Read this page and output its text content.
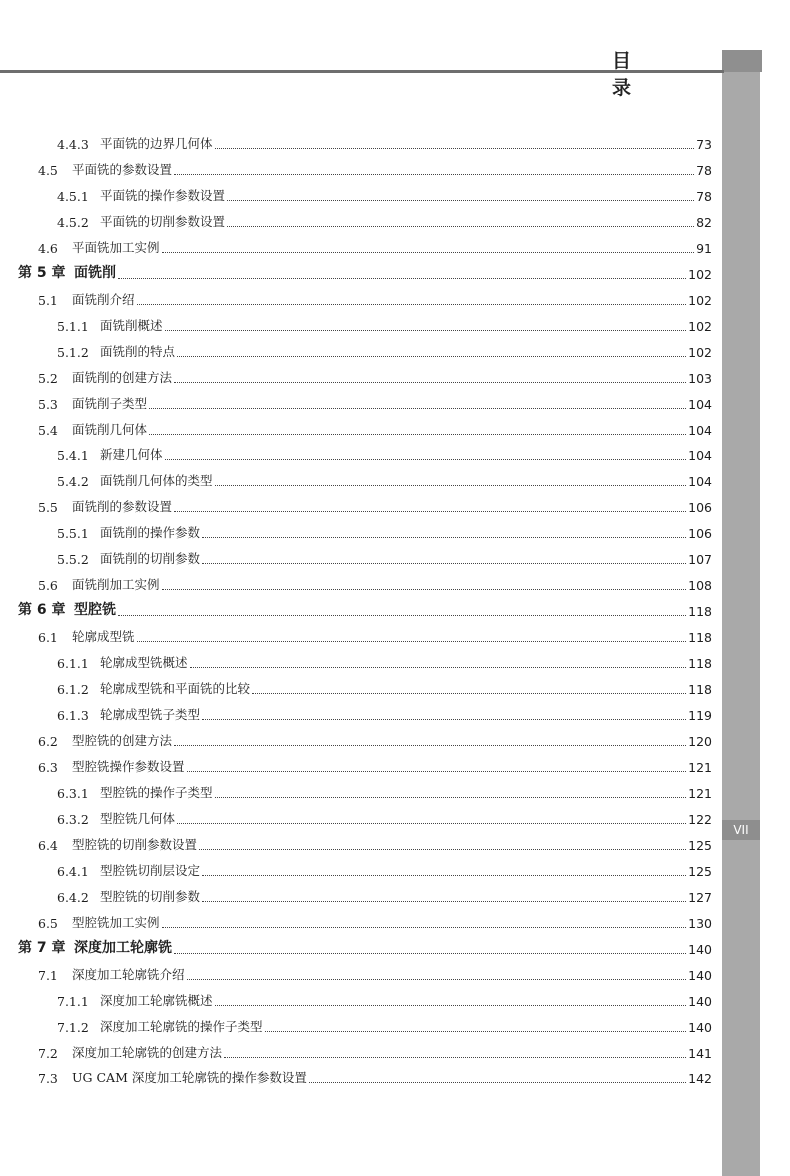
目 录
VII
4.4.3 平面铣的边界几何体	73
4.5	平面铣的参数设置	78
4.5.1 平面铣的操作参数设置	78
4.5.2 平面铣的切削参数设置	82
4.6	平面铣加工实例	91
第 5 章 面铣削	102
5.1	面铣削介绍	102
5.1.1 面铣削概述	102
5.1.2 面铣削的特点	102
5.2	面铣削的创建方法	103
5.3	面铣削子类型	104
5.4	面铣削几何体	104
5.4.1 新建几何体	104
5.4.2 面铣削几何体的类型	104
5.5	面铣削的参数设置	106
5.5.1 面铣削的操作参数	106
5.5.2 面铣削的切削参数	107
5.6	面铣削加工实例	108
第 6 章 型腔铣	118
6.1	轮廓成型铣	118
6.1.1 轮廓成型铣概述	118
6.1.2 轮廓成型铣和平面铣的比较	118
6.1.3 轮廓成型铣子类型	119
6.2	型腔铣的创建方法	120
6.3	型腔铣操作参数设置	121
6.3.1 型腔铣的操作子类型	121
6.3.2 型腔铣几何体	122
6.4	型腔铣的切削参数设置	125
6.4.1 型腔铣切削层设定	125
6.4.2 型腔铣的切削参数	127
6.5	型腔铣加工实例	130
第 7 章 深度加工轮廓铣	140
7.1	深度加工轮廓铣介绍	140
7.1.1 深度加工轮廓铣概述	140
7.1.2 深度加工轮廓铣的操作子类型	140
7.2	深度加工轮廓铣的创建方法	141
7.3	UG CAM 深度加工轮廓铣的操作参数设置	142
